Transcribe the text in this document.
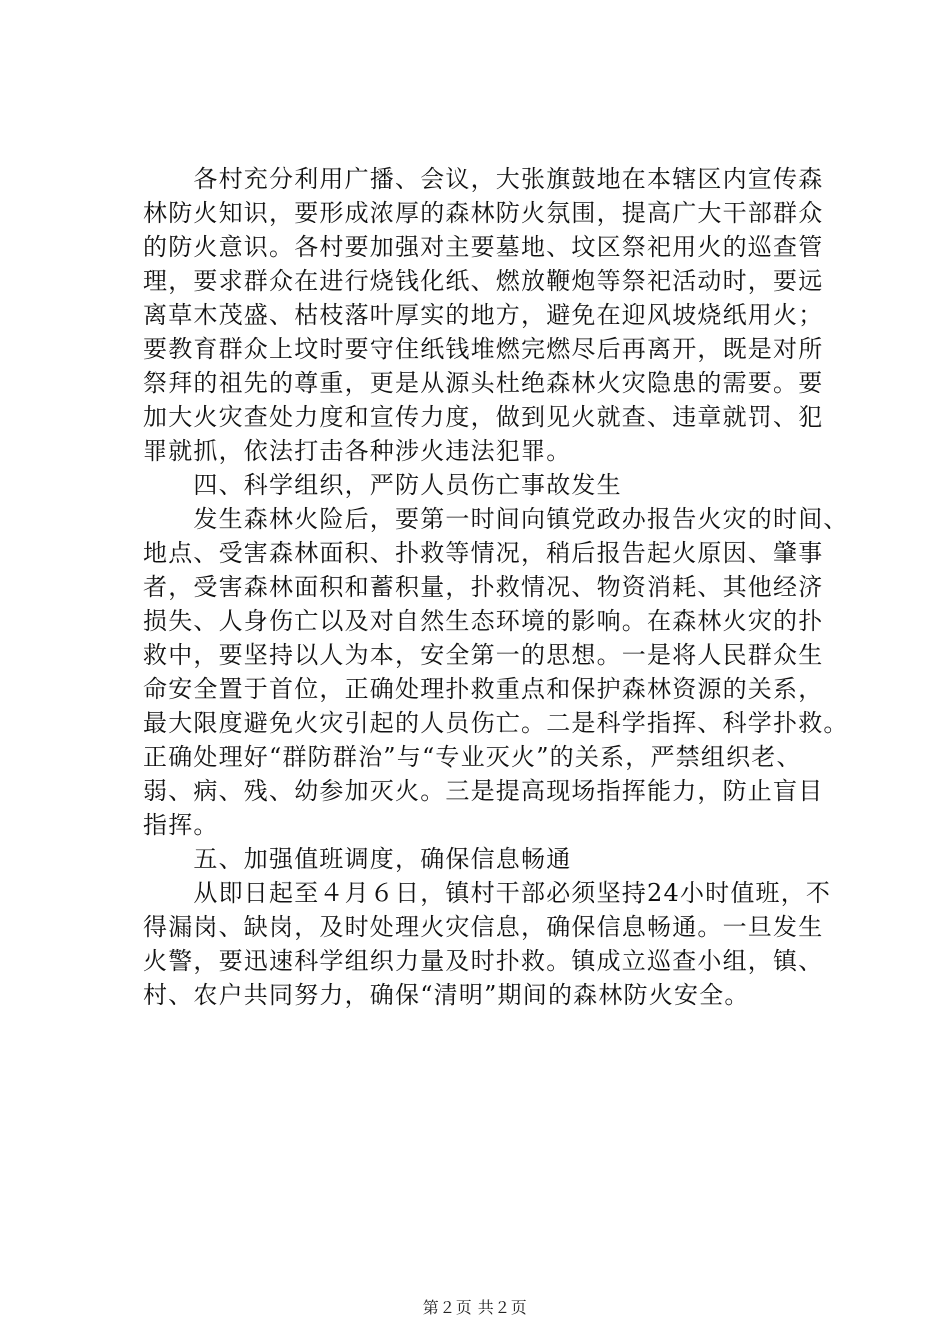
　　各村充分利用广播、会议，大张旗鼓地在本辖区内宣传森
林防火知识，要形成浓厚的森林防火氛围，提高广大干部群众
的防火意识。各村要加强对主要墓地、坟区祭祀用火的巡查管
理，要求群众在进行烧钱化纸、燃放鞭炮等祭祀活动时，要远
离草木茂盛、枯枝落叶厚实的地方，避免在迎风坡烧纸用火；
要教育群众上坟时要守住纸钱堆燃完燃尽后再离开，既是对所
祭拜的祖先的尊重，更是从源头杜绝森林火灾隐患的需要。要
加大火灾查处力度和宣传力度，做到见火就查、违章就罚、犯
罪就抓，依法打击各种涉火违法犯罪。
　　四、科学组织，严防人员伤亡事故发生
　　发生森林火险后，要第一时间向镇党政办报告火灾的时间、
地点、受害森林面积、扑救等情况，稍后报告起火原因、肇事
者，受害森林面积和蓄积量，扑救情况、物资消耗、其他经济
损失、人身伤亡以及对自然生态环境的影响。在森林火灾的扑
救中，要坚持以人为本，安全第一的思想。一是将人民群众生
命安全置于首位，正确处理扑救重点和保护森林资源的关系，
最大限度避免火灾引起的人员伤亡。二是科学指挥、科学扑救。
正确处理好“群防群治”与“专业灭火”的关系，严禁组织老、
弱、病、残、幼参加灭火。三是提高现场指挥能力，防止盲目
指挥。
　　五、加强值班调度，确保信息畅通
　　从即日起至４月６日，镇村干部必须坚持24小时值班，不
得漏岗、缺岗，及时处理火灾信息，确保信息畅通。一旦发生
火警，要迅速科学组织力量及时扑救。镇成立巡查小组，镇、
村、农户共同努力，确保“清明”期间的森林防火安全。
第２页 共２页
